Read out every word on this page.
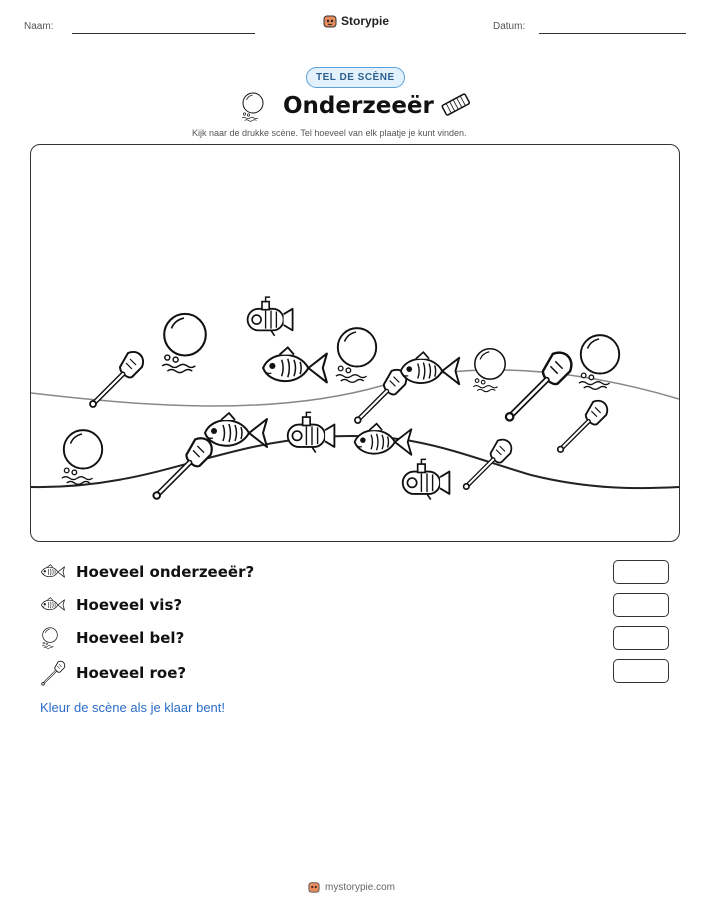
Naam:	Storypie	Datum:
TEL DE SCÈNE
Onderzeeër
Kijk naar de drukke scène. Tel hoeveel van elk plaatje je kunt vinden.
Hoeveel onderzeeër?
Hoeveel vis?
Hoeveel bel?
Hoeveel roe?
Kleur de scène als je klaar bent!
mystorypie.com
